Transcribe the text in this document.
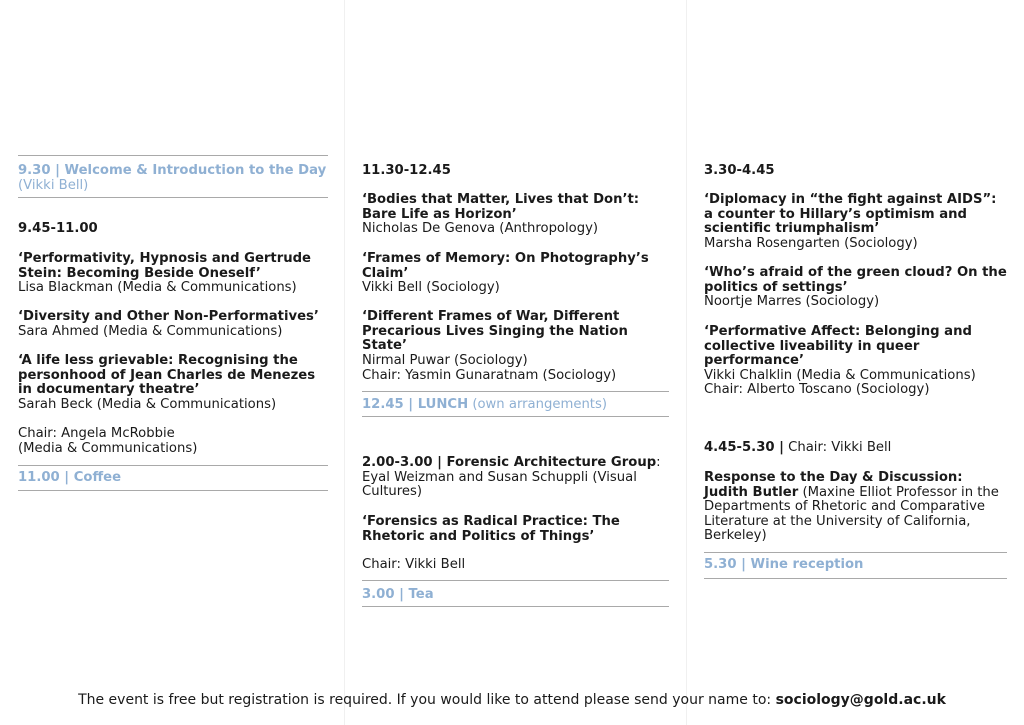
9.30 | Welcome & Introduction to the Day
(Vikki Bell)
9.45-11.00
‘Performativity, Hypnosis and Gertrude Stein: Becoming Beside Oneself’
Lisa Blackman (Media & Communications)
‘Diversity and Other Non-Performatives’
Sara Ahmed (Media & Communications)
‘A life less grievable: Recognising the personhood of Jean Charles de Menezes in documentary theatre’
Sarah Beck (Media & Communications)
Chair: Angela McRobbie
(Media & Communications)
11.00 | Coffee
11.30-12.45
‘Bodies that Matter, Lives that Don’t: Bare Life as Horizon’
Nicholas De Genova (Anthropology)
‘Frames of Memory: On Photography’s Claim’
Vikki Bell (Sociology)
‘Different Frames of War, Different Precarious Lives Singing the Nation State’
Nirmal Puwar (Sociology)
Chair: Yasmin Gunaratnam (Sociology)
12.45 | LUNCH (own arrangements)
2.00-3.00 | Forensic Architecture Group: Eyal Weizman and Susan Schuppli (Visual Cultures)
‘Forensics as Radical Practice: The Rhetoric and Politics of Things’
Chair: Vikki Bell
3.00 | Tea
3.30-4.45
‘Diplomacy in “the fight against AIDS”: a counter to Hillary’s optimism and scientific triumphalism’
Marsha Rosengarten (Sociology)
‘Who’s afraid of the green cloud? On the politics of settings’
Noortje Marres (Sociology)
‘Performative Affect: Belonging and collective liveability in queer performance’
Vikki Chalklin (Media & Communications)
Chair: Alberto Toscano (Sociology)
4.45-5.30 | Chair: Vikki Bell
Response to the Day & Discussion:
Judith Butler (Maxine Elliot Professor in the Departments of Rhetoric and Comparative Literature at the University of California, Berkeley)
5.30 | Wine reception
The event is free but registration is required. If you would like to attend please send your name to: sociology@gold.ac.uk
